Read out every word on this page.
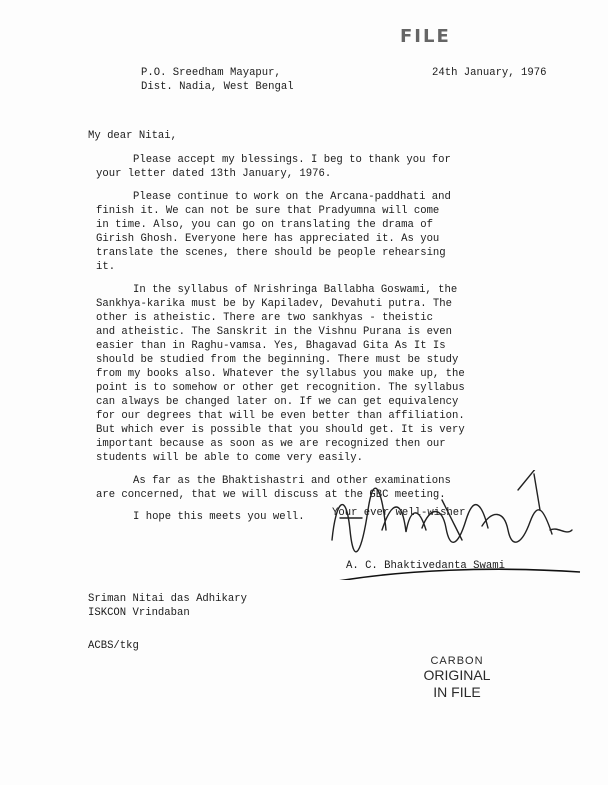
FILE
24th January, 1976
P.O. Sreedham Mayapur,
Dist. Nadia, West Bengal
My dear Nitai,
Please accept my blessings. I beg to thank you for
your letter dated 13th January, 1976.
Please continue to work on the Arcana-paddhati and
finish it. We can not be sure that Pradyumna will come
in time. Also, you can go on translating the drama of
Girish Ghosh. Everyone here has appreciated it. As you
translate the scenes, there should be people rehearsing
it.
In the syllabus of Nrishringa Ballabha Goswami, the
Sankhya-karika must be by Kapiladev, Devahuti putra. The
other is atheistic. There are two sankhyas - theistic
and atheistic. The Sanskrit in the Vishnu Purana is even
easier than in Raghu-vamsa. Yes, Bhagavad Gita As It Is
should be studied from the beginning. There must be study
from my books also. Whatever the syllabus you make up, the
point is to somehow or other get recognition. The syllabus
can always be changed later on. If we can get equivalency
for our degrees that will be even better than affiliation.
But which ever is possible that you should get. It is very
important because as soon as we are recognized then our
students will be able to come very easily.
As far as the Bhaktishastri and other examinations
are concerned, that we will discuss at the GBC meeting.
I hope this meets you well.	Your ever well-wisher,
A. C. Bhaktivedanta Swami
Sriman Nitai das Adhikary
ISKCON Vrindaban
ACBS/tkg
CARBON
ORIGINAL
IN FILE
